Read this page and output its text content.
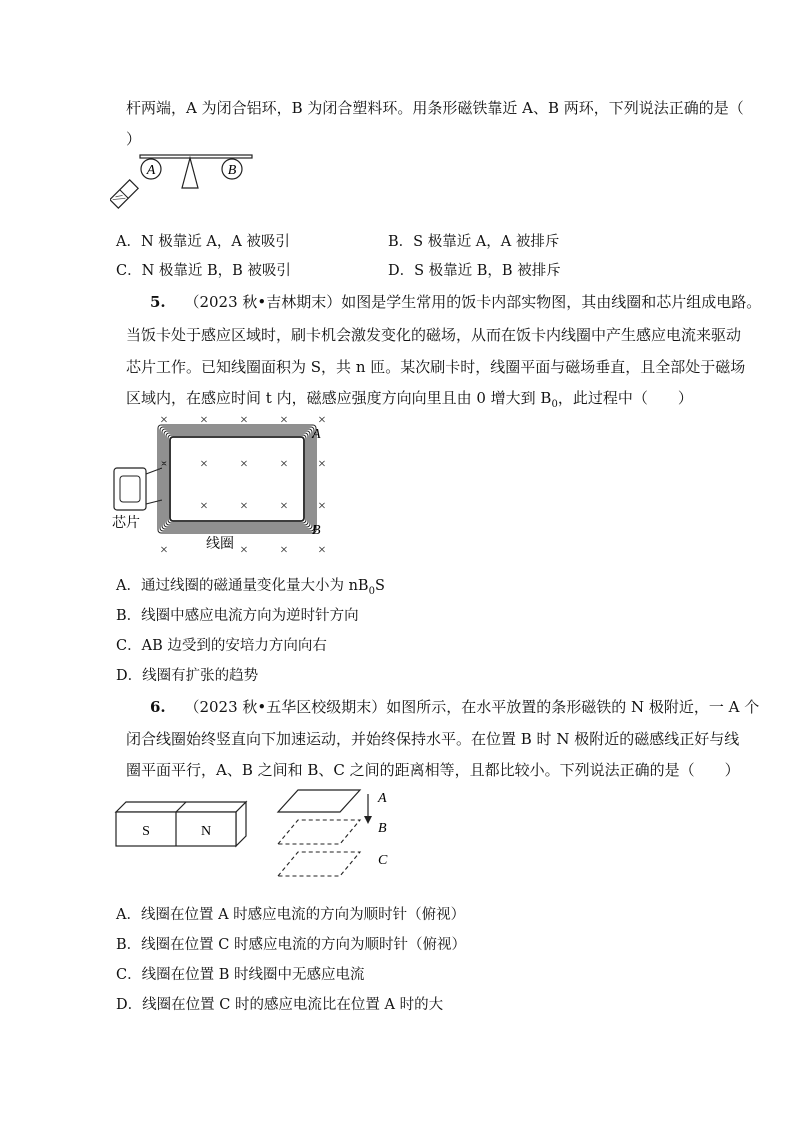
杆两端，A 为闭合铝环，B 为闭合塑料环。用条形磁铁靠近 A、B 两环，下列说法正确的是（
）
A	B
A．N 极靠近 A，A 被吸引	B．S 极靠近 A，A 被排斥
C．N 极靠近 B，B 被吸引	D．S 极靠近 B，B 被排斥
5. （2023 秋•吉林期末）如图是学生常用的饭卡内部实物图，其由线圈和芯片组成电路。
当饭卡处于感应区域时，刷卡机会激发变化的磁场，从而在饭卡内线圈中产生感应电流来驱动
芯片工作。已知线圈面积为 S，共 n 匝。某次刷卡时，线圈平面与磁场垂直，且全部处于磁场
区域内，在感应时间 t 内，磁感应强度方向向里且由 0 增大到 $B_0$，此过程中（　　）
芯片
线圈
A
B
× × × × ×
× × × × ×
× × × ×
×	× × ×
A．通过线圈的磁通量变化量大小为 $nB_0S$
B．线圈中感应电流方向为逆时针方向
C．AB 边受到的安培力方向向右
D．线圈有扩张的趋势
6. （2023 秋•五华区校级期末）如图所示，在水平放置的条形磁铁的 N 极附近，一 A 个
闭合线圈始终竖直向下加速运动，并始终保持水平。在位置 B 时 N 极附近的磁感线正好与线
圈平面平行，A、B 之间和 B、C 之间的距离相等，且都比较小。下列说法正确的是（　　）
S	N
A
B
C
A．线圈在位置 A 时感应电流的方向为顺时针（俯视）
B．线圈在位置 C 时感应电流的方向为顺时针（俯视）
C．线圈在位置 B 时线圈中无感应电流
D．线圈在位置 C 时的感应电流比在位置 A 时的大
